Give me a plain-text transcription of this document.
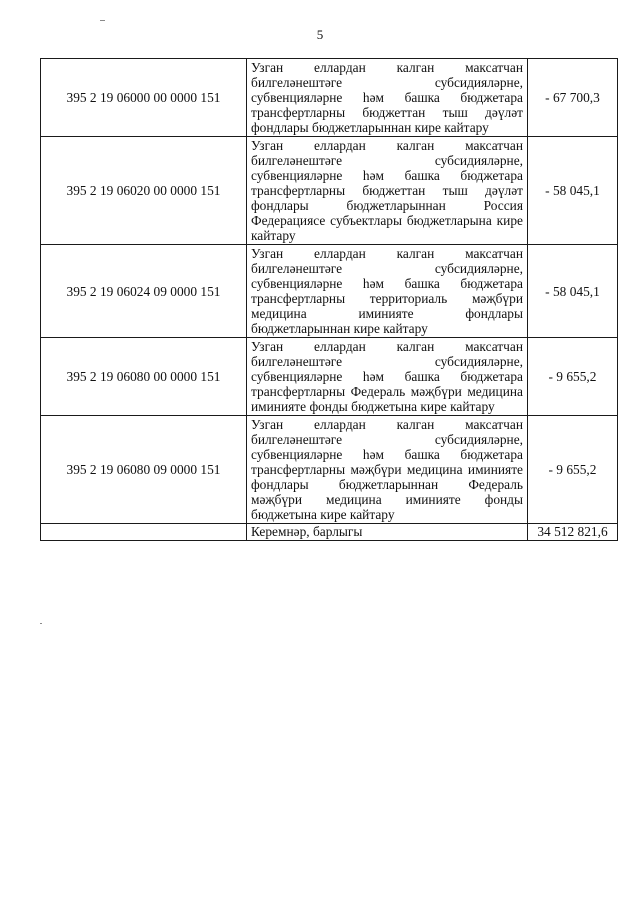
5
395 2 19 06000 00 0000 151	Узган еллардан калган максатчан билгеләнештәге субсидияләрне, субвенцияләрне һәм башка бюджетара трансфертларны бюджеттан тыш дәүләт фондлары бюджетларыннан кире кайтару	- 67 700,3
395 2 19 06020 00 0000 151	Узган еллардан калган максатчан билгеләнештәге субсидияләрне, субвенцияләрне һәм башка бюджетара трансфертларны бюджеттан тыш дәүләт фондлары бюджетларыннан Россия Федерациясе субъектлары бюджетларына кире кайтару	- 58 045,1
395 2 19 06024 09 0000 151	Узган еллардан калган максатчан билгеләнештәге субсидияләрне, субвенцияләрне һәм башка бюджетара трансфертларны территориаль мәҗбүри медицина иминияте фондлары бюджетларыннан кире кайтару	- 58 045,1
395 2 19 06080 00 0000 151	Узган еллардан калган максатчан билгеләнештәге субсидияләрне, субвенцияләрне һәм башка бюджетара трансфертларны Федераль мәҗбүри медицина иминияте фонды бюджетына кире кайтару	- 9 655,2
395 2 19 06080 09 0000 151	Узган еллардан калган максатчан билгеләнештәге субсидияләрне, субвенцияләрне һәм башка бюджетара трансфертларны мәҗбүри медицина иминияте фондлары бюджетларыннан Федераль мәҗбүри медицина иминияте фонды бюджетына кире кайтару	- 9 655,2
	Керемнәр, барлыгы	34 512 821,6
